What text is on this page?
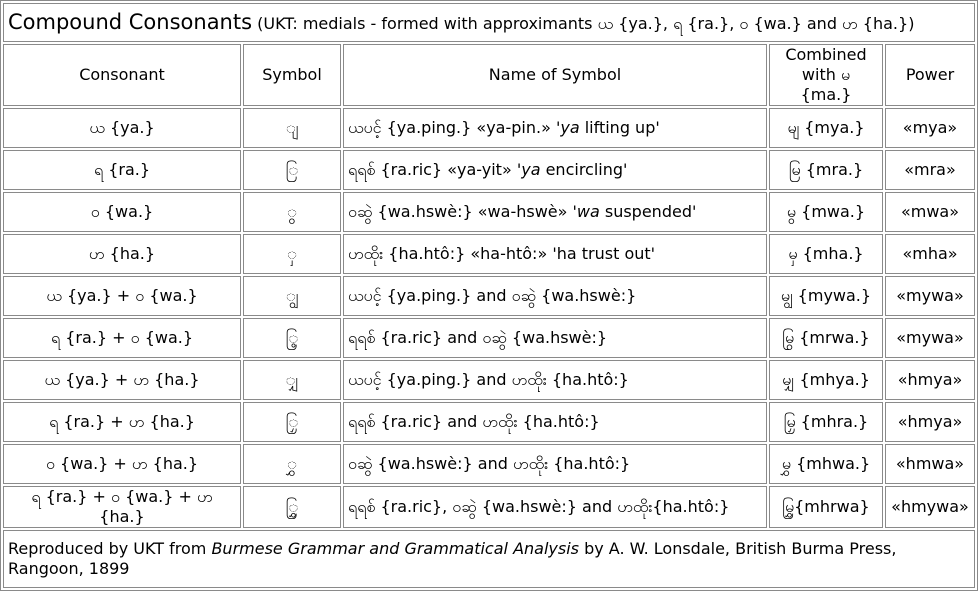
Compound Consonants (UKT: medials - formed with approximants ယ {ya.}, ရ {ra.}, ဝ {wa.} and ဟ {ha.})				
Consonant	Symbol	Name of Symbol	Combined with မ {ma.}	Power
ယ {ya.}	ျ	ယပင့် {ya.ping.} «ya-pin.» 'ya lifting up'	မျ {mya.}	«mya»
ရ {ra.}	ြ	ရရစ် {ra.ric} «ya-yit» 'ya encircling'	မြ {mra.}	«mra»
ဝ {wa.}	ွ	ဝဆွဲ {wa.hswè:} «wa-hswè» 'wa suspended'	မွ {mwa.}	«mwa»
ဟ {ha.}	ှ	ဟထိုး {ha.htô:} «ha-htô:» 'ha trust out'	မှ {mha.}	«mha»
ယ {ya.} + ဝ {wa.}	ျွ	ယပင့် {ya.ping.} and ဝဆွဲ {wa.hswè:}	မျွ {mywa.}	«mywa»
ရ {ra.} + ဝ {wa.}	ြွ	ရရစ် {ra.ric} and ဝဆွဲ {wa.hswè:}	မြွ {mrwa.}	«mywa»
ယ {ya.} + ဟ {ha.}	ျှ	ယပင့် {ya.ping.} and ဟထိုး {ha.htô:}	မျှ {mhya.}	«hmya»
ရ {ra.} + ဟ {ha.}	ြှ	ရရစ် {ra.ric} and ဟထိုး {ha.htô:}	မြှ {mhra.}	«hmya»
ဝ {wa.} + ဟ {ha.}	ွှ	ဝဆွဲ {wa.hswè:} and ဟထိုး {ha.htô:}	မွှ {mhwa.}	«hmwa»
ရ {ra.} + ဝ {wa.} + ဟ {ha.}	ြွှ	ရရစ် {ra.ric}, ဝဆွဲ {wa.hswè:} and ဟထိုး{ha.htô:}	မြွှ{mhrwa}	«hmywa»
Reproduced by UKT from Burmese Grammar and Grammatical Analysis by A. W. Lonsdale, British Burma Press, Rangoon, 1899				
